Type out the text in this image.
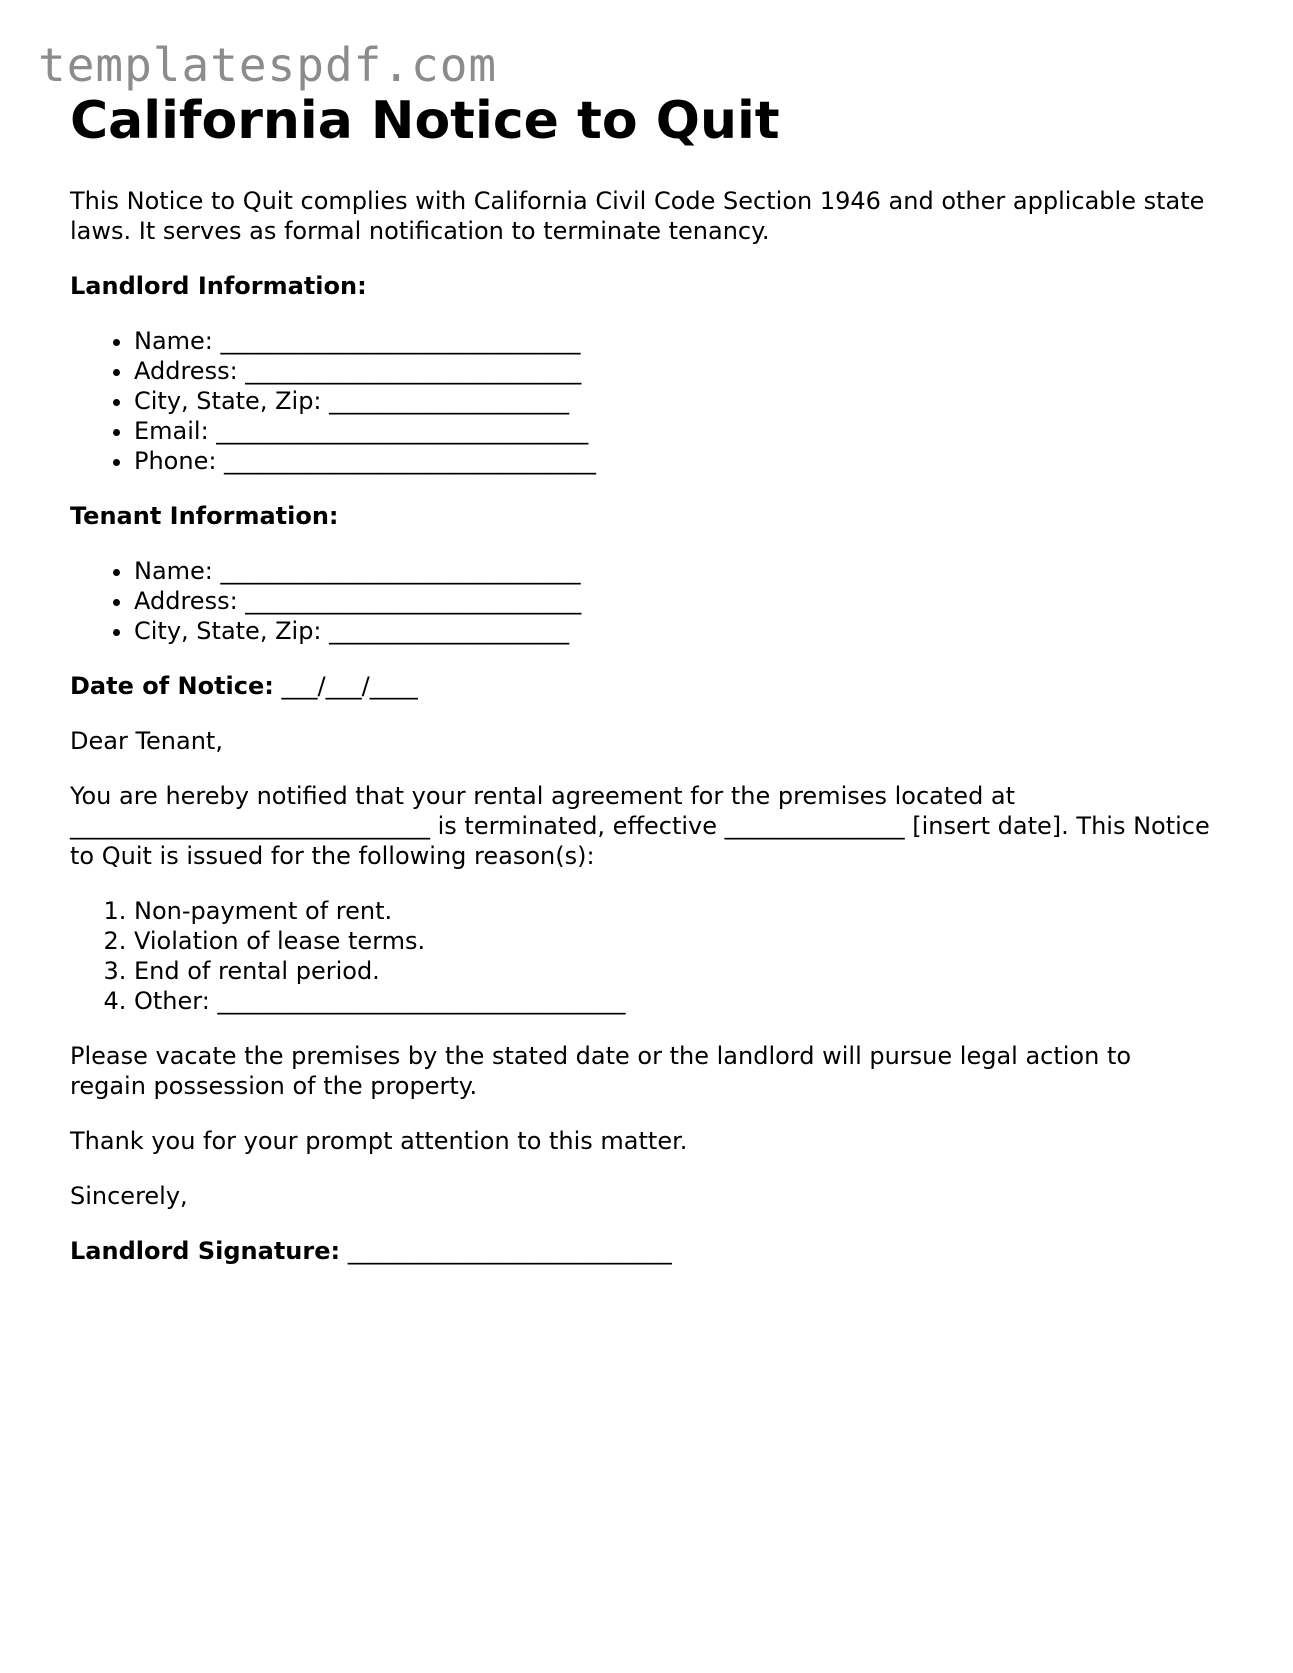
templatespdf.com
California Notice to Quit

This Notice to Quit complies with California Civil Code Section 1946 and other applicable state laws. It serves as formal notification to terminate tenancy.

Landlord Information:

• Name: ______________________________
• Address: ____________________________
• City, State, Zip: ____________________
• Email: _______________________________
• Phone: _______________________________

Tenant Information:

• Name: ______________________________
• Address: ____________________________
• City, State, Zip: ____________________

Date of Notice: ___/___/____

Dear Tenant,

You are hereby notified that your rental agreement for the premises located at ______________________________ is terminated, effective _______________ [insert date]. This Notice to Quit is issued for the following reason(s):

1. Non-payment of rent.
2. Violation of lease terms.
3. End of rental period.
4. Other: __________________________________

Please vacate the premises by the stated date or the landlord will pursue legal action to regain possession of the property.

Thank you for your prompt attention to this matter.

Sincerely,

Landlord Signature: ___________________________
